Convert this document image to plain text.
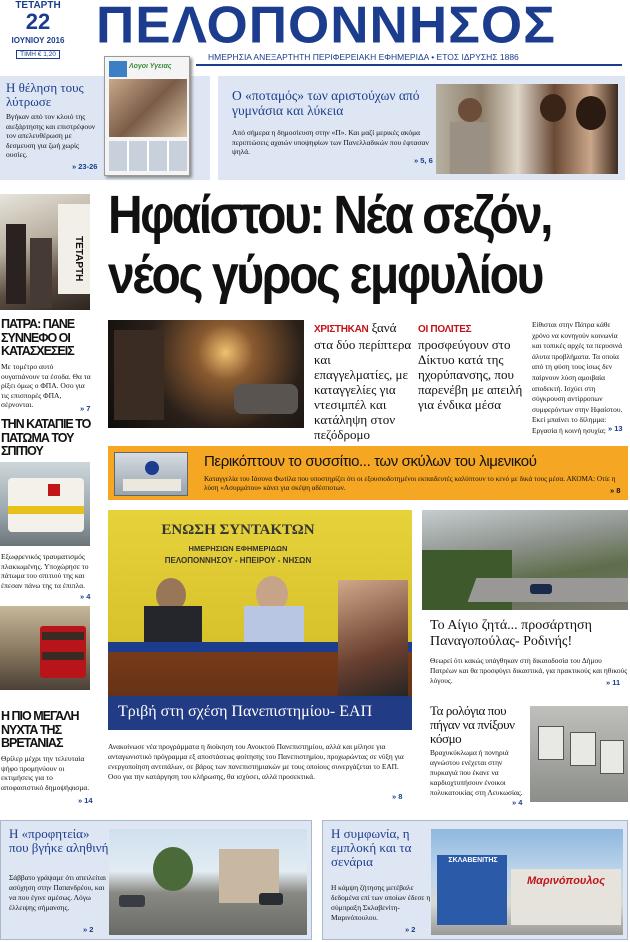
ΤΕΤΑΡΤΗ
22
ΙΟΥΝΙΟΥ 2016
ΤΙΜΗ € 1,20
ΠΕΛΟΠΟΝΝΗΣΟΣ
ΗΜΕΡΗΣΙΑ ΑΝΕΞΑΡΤΗΤΗ ΠΕΡΙΦΕΡΕΙΑΚΗ ΕΦΗΜΕΡΙΔΑ • ΕΤΟΣ ΙΔΡΥΣΗΣ 1886
Η θέληση τους λύτρωσε
Βγήκαν από τον κλοιό της αιεξάρτησης και επιστρέφουν τον απελευθέρωση με δεσμευση για ζωή χωρίς ουσίες.
» 23-26
Λογοι Υγειας
Ο «ποταμός» των αριστούχων από γυμνάσια και λύκεια
Από σήμερα η δημοσίευση στην «Π». Και μαζί μερικές ακόμα περιπτώσεις αχαιών υποψηφίων των Πανελλαδικών που έφτασαν ψηλά.
» 5, 6
ΤΕΤΑΡΤΗ
ΠΑΤΡΑ: ΠΑΝΕ ΣΥΝΝΕΦΟ ΟΙ ΚΑΤΑΣΧΕΣΕΙΣ
Με τομέτρο αυτό ουγαπιάνουν τα έσοδα. Θα τα ρίξει όμως ο ΦΠΑ. Οσο για τις επισπορές ΦΠΑ, σέρνονται.	» 7
ΤΗΝ ΚΑΤΑΠΙΕ ΤΟ ΠΑΤΩΜΑ ΤΟΥ ΣΠΙΤΙΟΥ
Εξωφρενικός τραυματισμός πλακιωμένης. Υποχώρησε το πάτωμα του σπιτιού της και έπεσαν πάνω της τα έπιπλα.
» 4
Η ΠΙΟ ΜΕΓΑΛΗ ΝΥΧΤΑ ΤΗΣ ΒΡΕΤΑΝΙΑΣ
Θρίλερ μέχρι την τελευταία ψήφο προμηνύουν οι εκτιμήσεις για το αποφασιστικό δημοψήφισμα.
» 14
Ηφαίστου: Νέα σεζόν,
νέος γύρος εμφυλίου
ΧΡΙΣΤΗΚΑΝ ξανά στα δύο περίπτερα και επαγγελματίες, με καταγγελίες για ντεσιμπέλ και κατάληψη στον πεζόδρομο
ΟΙ ΠΟΛΙΤΕΣ
προσφεύγουν στο Δίκτυο κατά της ηχορύπανσης, που παρενέβη με απειλή για ένδικα μέσα
Είθισται στην Πάτρα κάθε χρόνο να κυνηγούν κοινωνία και τοπικές αρχές τα περυσινά άλυτα προβλήματα. Τα οποία από τη φύση τους ίσως δεν παίρνουν λύση αμοιβαία αποδεκτή. Ισχύει στη σύγκρουση αντίρροπων συμφερόντων στην Ηφαίστου. Εκεί μπαίνει το δίλημμα: Εργασία ή κοινή ησυχία; » 13
Περικόπτουν το συσσίτιο... των σκύλων του λιμενικού
Καταγγελία του Ιάσονα Φωτίλα που υποστηρίζει ότι οι εξουσιοδοτημένοι εκπαιδευτές καλύπτουν το κενό με δικά τους μέσα. ΑΚΟΜΑ: Οτίε η λύση «Ασυρμάτου» κάνει για σκέψη αδέσποτων.	» 8
ΕΝΩΣΗ ΣΥΝΤΑΚΤΩΝ
ΗΜΕΡΗΣΙΩΝ ΕΦΗΜΕΡΙΔΩΝ
ΠΕΛΟΠΟΝΝΗΣΟΥ - ΗΠΕΙΡΟΥ - ΝΗΣΩΝ
Τριβή στη σχέση Πανεπιστημίου- ΕΑΠ
Ανακοίνωσε νέα προγράμματα η διοίκηση του Ανοικτού Πανεπιστημίου, αλλά και μίλησε για ανταγωνιστικό πρόγραμμα εξ αποστάσεως φοίτησης του Πανεπιστημίου, προχωρώντας σε νύξη για ενεργοποίηση αντιπάλων, σε βάρος των πανεπιστημιακών με τους οποίους συνεργάζεται το ΕΑΠ. Οσο για την κατάργηση του κλήρωσης, θα ισχύσει, αλλά προσεκτικά.
» 8
Το Αίγιο ζητά... προσάρτηση Παναγοπούλας- Ροδινής!
Θεωρεί ότι κακώς υπάγθηκαν στη δικαιοδοσία του Δήμου Πατρέων και θα προσφύγει δικαστικά, για πρακτικούς και ηθικούς λόγους.	» 11
Τα ρολόγια που πήγαν να πνίξουν κόσμο
Βραχυκύκλωμα ή πονηριά αγνώστου ενέχεται στην πυρκαγιά που έκανε να καρδιοχτυπήσουν ένοικοι πολυκατοικίας στη Λευκωσίας.
» 4
Η «προφητεία» που βγήκε αληθινή
Σάββατο γράψαμε ότι απειλείται ασύχηση στην Παπανδρέου, και να που έγινε αμέσως. Λόγω έλλειψης σήμανσης.
» 2
Η συμφωνία, η εμπλοκή και τα σενάρια
Η κάμψη ζήτησης μετέβαλε δεδομένα επί των οποίων έδεσε η σύμπραξη Σκλαβενίτη- Μαρινόπουλου.
» 2
ΣΚΛΑΒΕΝΙΤΗΣ
Μαρινόπουλος
